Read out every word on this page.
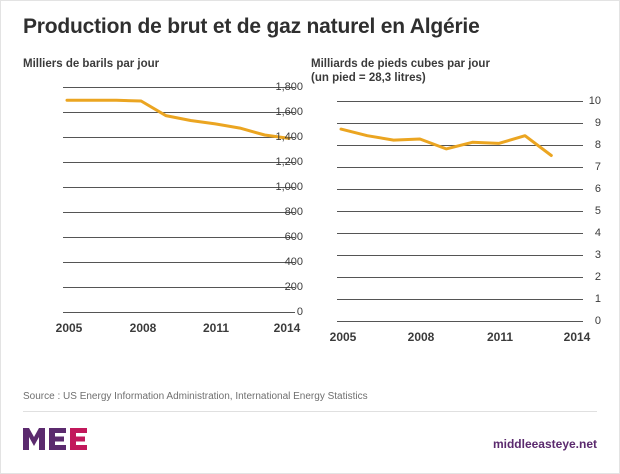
Production de brut et de gaz naturel en Algérie
Milliers de barils par jour
1,800
1,600
1,400
1,200
1,000
800
600
400
200
0
2005	2008	2011	2014
Milliards de pieds cubes par jour
(un pied = 28,3 litres)
10
9
8
7
6
5
4
3
2
1
0
2005	2008	2011	2014
Source : US Energy Information Administration, International Energy Statistics
middleeasteye.net
